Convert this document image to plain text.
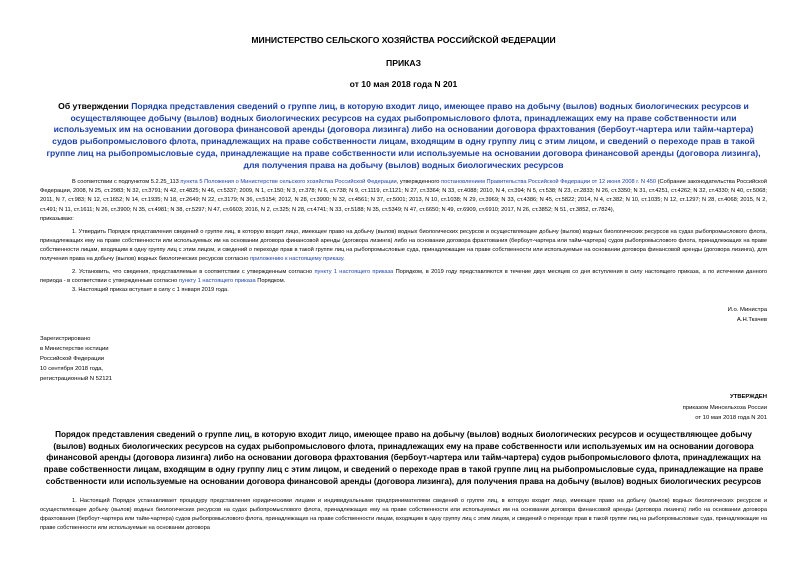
МИНИСТЕРСТВО СЕЛЬСКОГО ХОЗЯЙСТВА РОССИЙСКОЙ ФЕДЕРАЦИИ
ПРИКАЗ
от 10 мая 2018 года N 201
Об утверждении Порядка представления сведений о группе лиц, в которую входит лицо, имеющее право на добычу (вылов) водных биологических ресурсов и осуществляющее добычу (вылов) водных биологических ресурсов на судах рыбопромыслового флота, принадлежащих ему на праве собственности или используемых им на основании договора финансовой аренды (договора лизинга) либо на основании договора фрахтования (бербоут-чартера или тайм-чартера) судов рыбопромыслового флота, принадлежащих на праве собственности лицам, входящим в одну группу лиц с этим лицом, и сведений о переходе прав в такой группе лиц на рыбопромысловые суда, принадлежащие на праве собственности или используемые на основании договора финансовой аренды (договора лизинга), для получения права на добычу (вылов) водных биологических ресурсов
В соответствии с подпунктом 5.2.25_113 пункта 5 Положения о Министерстве сельского хозяйства Российской Федерации, утвержденного постановлением Правительства Российской Федерации от 12 июня 2008 г. N 450 (Собрание законодательства Российской Федерации, 2008, N 25, ст.2983; N 32, ст.3791; N 42, ст.4825; N 46, ст.5337; 2009, N 1, ст.150; N 3, ст.378; N 6, ст.738; N 9, ст.1119, ст.1121; N 27, ст.3364; N 33, ст.4088; 2010, N 4, ст.394; N 5, ст.538; N 23, ст.2833; N 26, ст.3350; N 31, ст.4251, ст.4262; N 32, ст.4330; N 40, ст.5068; 2011, N 7, ст.983; N 12, ст.1652; N 14, ст.1935; N 18, ст.2649; N 22, ст.3179; N 36, ст.5154; 2012, N 28, ст.3900; N 32, ст.4561; N 37, ст.5001; 2013, N 10, ст.1038; N 29, ст.3969; N 33, ст.4386; N 45, ст.5822; 2014, N 4, ст.382; N 10, ст.1035; N 12, ст.1297; N 28, ст.4068; 2015, N 2, ст.491; N 11, ст.1611; N 26, ст.3900; N 35, ст.4981; N 38, ст.5297; N 47, ст.6603; 2016, N 2, ст.325; N 28, ст.4741; N 33, ст.5188; N 35, ст.5349; N 47, ст.6650; N 49, ст.6909, ст.6910; 2017, N 26, ст.3852; N 51, ст.3852, ст.7824),
приказываю:
1. Утвердить Порядок представления сведений о группе лиц, в которую входит лицо, имеющее право на добычу (вылов) водных биологических ресурсов и осуществляющее добычу (вылов) водных биологических ресурсов на судах рыбопромыслового флота, принадлежащих ему на праве собственности или используемых им на основании договора финансовой аренды (договора лизинга) либо на основании договора фрахтования (бербоут-чартера или тайм-чартера) судов рыбопромыслового флота, принадлежащих на праве собственности лицам, входящим в одну группу лиц с этим лицом, и сведений о переходе прав в такой группе лиц на рыбопромысловые суда, принадлежащие на праве собственности или используемые на основании договора финансовой аренды (договора лизинга), для получения права на добычу (вылов) водных биологических ресурсов согласно приложению к настоящему приказу.
2. Установить, что сведения, представляемые в соответствии с утвержденным согласно пункту 1 настоящего приказа Порядком, в 2019 году представляются в течение двух месяцев со дня вступления в силу настоящего приказа, а по истечении данного периода - в соответствии с утвержденным согласно пункту 1 настоящего приказа Порядком.
3. Настоящий приказ вступает в силу с 1 января 2019 года.
И.о. Министра
А.Н.Ткачев
Зарегистрировано
в Министерстве юстиции
Российской Федерации
10 сентября 2018 года,
регистрационный N 52121
УТВЕРЖДЕН
приказом Минсельхоза России
от 10 мая 2018 года N 201
Порядок представления сведений о группе лиц, в которую входит лицо, имеющее право на добычу (вылов) водных биологических ресурсов и осуществляющее добычу (вылов) водных биологических ресурсов на судах рыбопромыслового флота, принадлежащих ему на праве собственности или используемых им на основании договора финансовой аренды (договора лизинга) либо на основании договора фрахтования (бербоут-чартера или тайм-чартера) судов рыбопромыслового флота, принадлежащих на праве собственности лицам, входящим в одну группу лиц с этим лицом, и сведений о переходе прав в такой группе лиц на рыбопромысловые суда, принадлежащие на праве собственности или используемые на основании договора финансовой аренды (договора лизинга), для получения права на добычу (вылов) водных биологических ресурсов
1. Настоящий Порядок устанавливает процедуру представления юридическими лицами и индивидуальными предпринимателями сведений о группе лиц, в которую входит лицо, имеющее право на добычу (вылов) водных биологических ресурсов и осуществляющее добычу (вылов) водных биологических ресурсов на судах рыбопромыслового флота, принадлежащих ему на праве собственности или используемых им на основании договора финансовой аренды (договора лизинга) либо на основании договора фрахтования (бербоут-чартера или тайм-чартера) судов рыбопромыслового флота, принадлежащих на праве собственности лицам, входящим в одну группу лиц с этим лицом, и сведений о переходе прав в такой группе лиц на рыбопромысловые суда, принадлежащие на праве собственности или используемые на основании договора
